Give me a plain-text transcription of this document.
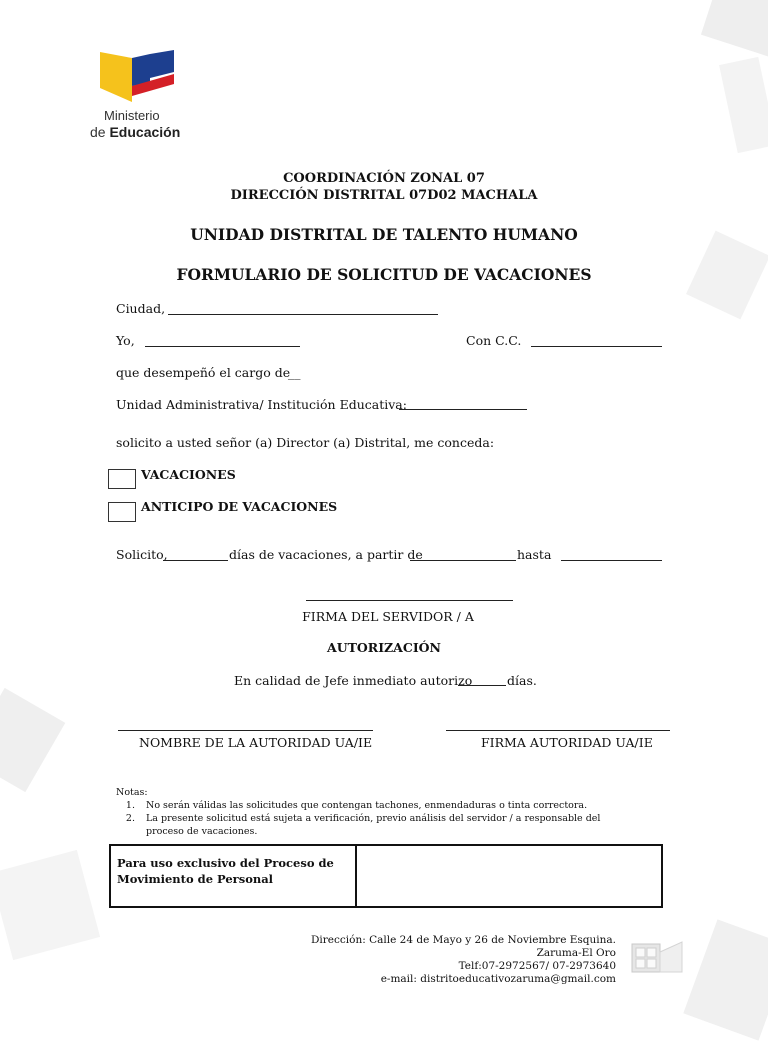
Ministerio
de Educación
COORDINACIÓN ZONAL 07
DIRECCIÓN DISTRITAL 07D02 MACHALA
UNIDAD DISTRITAL DE TALENTO HUMANO
FORMULARIO DE SOLICITUD DE VACACIONES
Ciudad,
Yo,	Con C.C.
que desempeñó el cargo de
__
Unidad Administrativa/ Institución Educativa:
solicito a usted señor (a) Director (a) Distrital, me conceda:
VACACIONES
ANTICIPO DE VACACIONES
Solicito,	días de vacaciones, a partir de	hasta
FIRMA DEL SERVIDOR / A
AUTORIZACIÓN
En calidad de Jefe inmediato autorizo	días.
NOMBRE DE LA AUTORIDAD UA/IE	FIRMA AUTORIDAD UA/IE
Notas:
1. No serán válidas las solicitudes que contengan tachones, enmendaduras o tinta correctora.
2. La presente solicitud está sujeta a verificación, previo análisis del servidor / a responsable del proceso de vacaciones.
Para uso exclusivo del Proceso de Movimiento de Personal
Dirección: Calle 24 de Mayo y 26 de Noviembre Esquina.
Zaruma-El Oro
Telf:07-2972567/ 07-2973640
e-mail: distritoeducativozaruma@gmail.com
